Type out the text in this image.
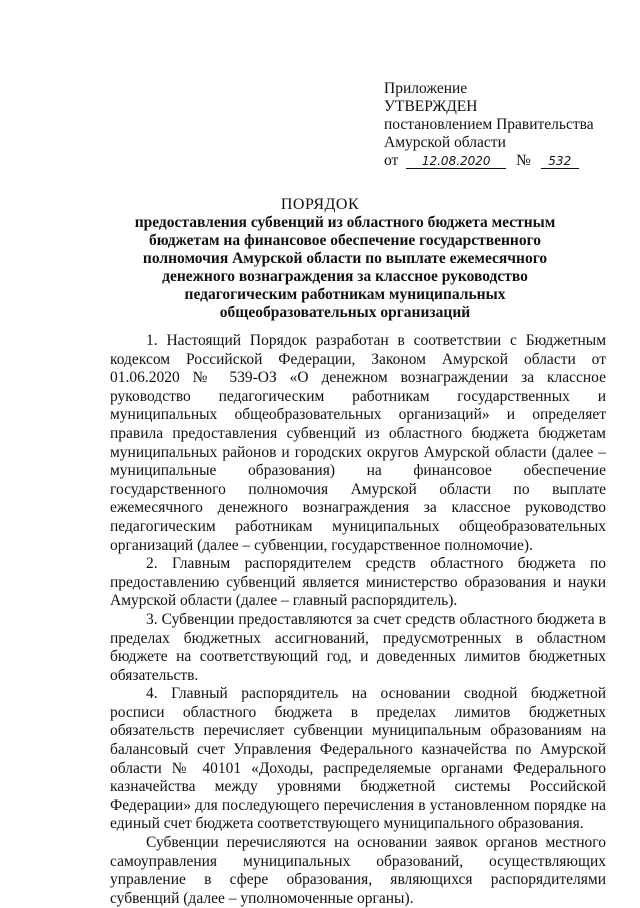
Приложение
УТВЕРЖДЕН
постановлением Правительства
Амурской области
от 12.08.2020 № 532
ПОРЯДОК
предоставления субвенций из областного бюджета местным бюджетам на финансовое обеспечение государственного полномочия Амурской области по выплате ежемесячного денежного вознаграждения за классное руководство педагогическим работникам муниципальных общеобразовательных организаций

1. Настоящий Порядок разработан в соответствии с Бюджетным кодексом Российской Федерации, Законом Амурской области от 01.06.2020 № 539-ОЗ «О денежном вознаграждении за классное руководство педагогическим работникам государственных и муниципальных общеобразовательных организаций» и определяет правила предоставления субвенций из областного бюджета бюджетам муниципальных районов и городских округов Амурской области (далее – муниципальные образования) на финансовое обеспечение государственного полномочия Амурской области по выплате ежемесячного денежного вознаграждения за классное руководство педагогическим работникам муниципальных общеобразовательных организаций (далее – субвенции, государственное полномочие).

2. Главным распорядителем средств областного бюджета по предоставлению субвенций является министерство образования и науки Амурской области (далее – главный распорядитель).

3. Субвенции предоставляются за счет средств областного бюджета в пределах бюджетных ассигнований, предусмотренных в областном бюджете на соответствующий год, и доведенных лимитов бюджетных обязательств.

4. Главный распорядитель на основании сводной бюджетной росписи областного бюджета в пределах лимитов бюджетных обязательств перечисляет субвенции муниципальным образованиям на балансовый счет Управления Федерального казначейства по Амурской области № 40101 «Доходы, распределяемые органами Федерального казначейства между уровнями бюджетной системы Российской Федерации» для последующего перечисления в установленном порядке на единый счет бюджета соответствующего муниципального образования.

Субвенции перечисляются на основании заявок органов местного самоуправления муниципальных образований, осуществляющих управление в сфере образования, являющихся распорядителями субвенций (далее – уполномоченные органы).
